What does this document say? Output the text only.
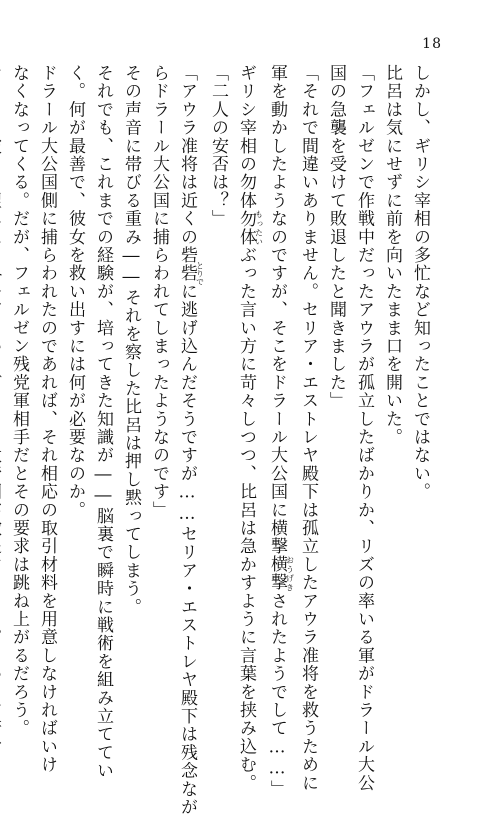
18
しかし、ギリシ宰相の多忙など知ったことではない。
比呂は気にせずに前を向いたまま口を開いた。
「フェルゼンで作戦中だったアウラが孤立したばかりか、リズの率いる軍がドラール大公
国の急襲を受けて敗退したと聞きました」
「それで間違いありません。セリア・エストレヤ殿下は孤立したアウラ准将を救うために
軍を動かしたようなのですが、そこをドラール大公国に横撃横撃おうげきされたようでして……」
ギリシ宰相の勿体勿体もったいぶった言い方に苛々しつつ、比呂は急かすように言葉を挟み込む。
「二人の安否は？」
「アウラ准将は近くの砦砦とりでに逃げ込んだそうですが……セリア・エストレヤ殿下は残念なが
らドラール大公国に捕らわれてしまったようなのです」
その声音に帯びる重み――それを察した比呂は押し黙ってしまう。
それでも、これまでの経験が、培ってきた知識が――脳裏で瞬時に戦術を組み立ててい
く。何が最善で、彼女を救い出すには何が必要なのか。
ドラール大公国側に捕らわれたのであれば、それ相応の取引材料を用意しなければいけ
なくなってくる。だが、フェルゼン残党軍相手だとその要求は跳ね上がるだろう。
